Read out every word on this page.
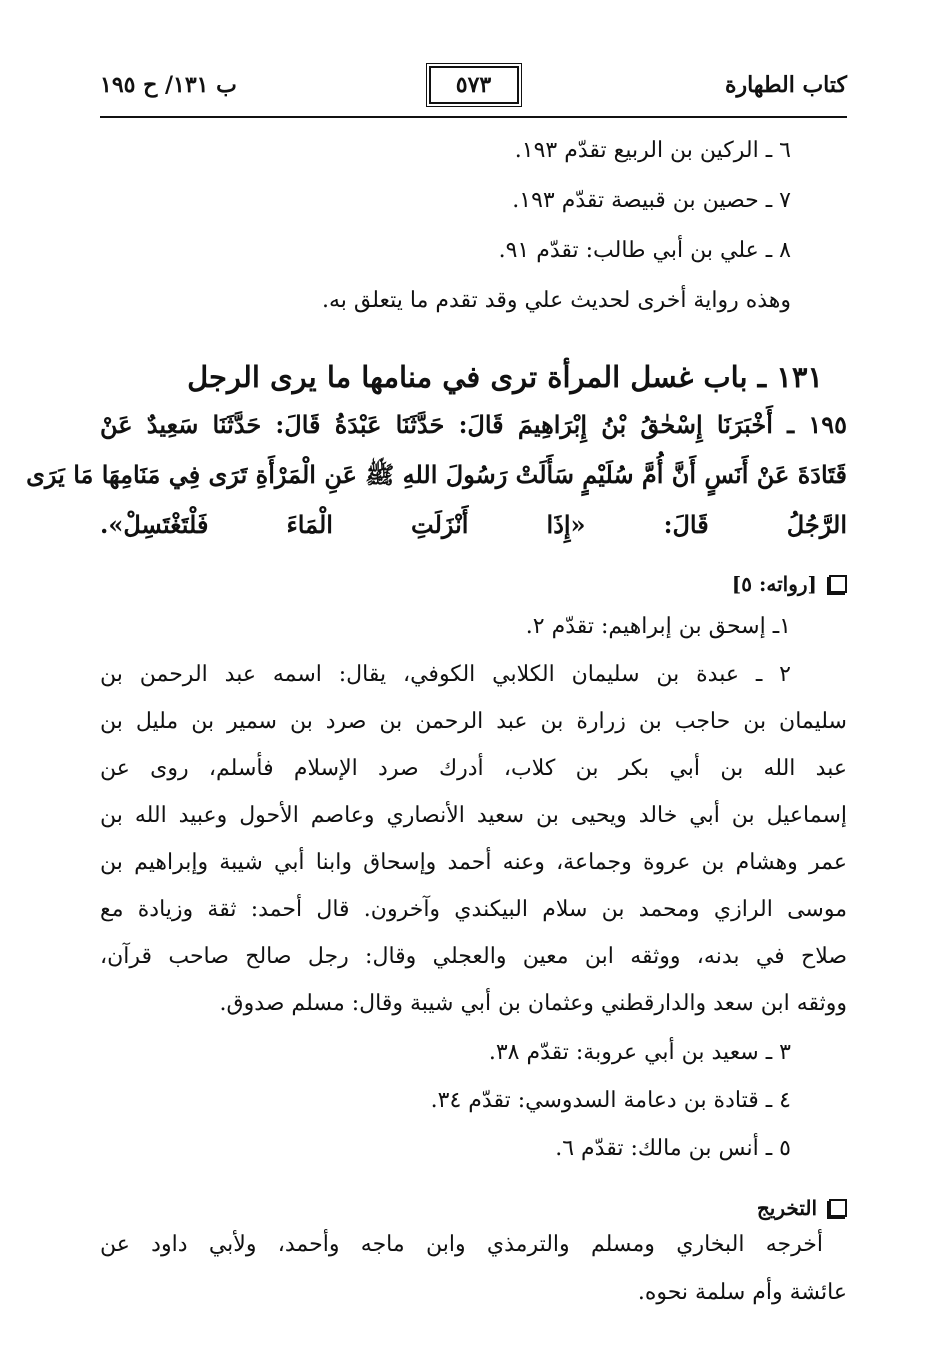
كتاب الطهارة
٥٧٣
ب ١٣١/ ح ١٩٥
٦ ـ الركين بن الربيع تقدّم ١٩٣.
٧ ـ حصين بن قبيصة تقدّم ١٩٣.
٨ ـ علي بن أبي طالب: تقدّم ٩١.
وهذه رواية أخرى لحديث علي وقد تقدم ما يتعلق به.
١٣١ ـ باب غسل المرأة ترى في منامها ما يرى الرجل
١٩٥ ـ أَخْبَرَنَا إِسْحٰقُ بْنُ إِبْرَاهِيمَ قَالَ: حَدَّثَنَا عَبْدَةُ قَالَ: حَدَّثَنَا سَعِيدٌ عَنْ
قَتَادَةَ عَنْ أَنَسٍ أَنَّ أُمَّ سُلَيْمٍ سَأَلَتْ رَسُولَ اللهِ ﷺ عَنِ الْمَرْأَةِ تَرَى فِي مَنَامِهَا مَا يَرَى
الرَّجُلُ قَالَ: «إِذَا أَنْزَلَتِ الْمَاءَ فَلْتَغْتَسِلْ».
[رواته: ٥]
١ـ إسحق بن إبراهيم: تقدّم ٢.
٢ ـ عبدة بن سليمان الكلابي الكوفي، يقال: اسمه عبد الرحمن بن
سليمان بن حاجب بن زرارة بن عبد الرحمن بن صرد بن سمير بن مليل بن
عبد الله بن أبي بكر بن كلاب، أدرك صرد الإسلام فأسلم، روى عن
إسماعيل بن أبي خالد ويحيى بن سعيد الأنصاري وعاصم الأحول وعبيد الله بن
عمر وهشام بن عروة وجماعة، وعنه أحمد وإسحاق وابنا أبي شيبة وإبراهيم بن
موسى الرازي ومحمد بن سلام البيكندي وآخرون. قال أحمد: ثقة وزيادة مع
صلاح في بدنه، ووثقه ابن معين والعجلي وقال: رجل صالح صاحب قرآن،
ووثقه ابن سعد والدارقطني وعثمان بن أبي شيبة وقال: مسلم صدوق.
٣ ـ سعيد بن أبي عروبة: تقدّم ٣٨.
٤ ـ قتادة بن دعامة السدوسي: تقدّم ٣٤.
٥ ـ أنس بن مالك: تقدّم ٦.
التخريج
أخرجه البخاري ومسلم والترمذي وابن ماجه وأحمد، ولأبي داود عن
عائشة وأم سلمة نحوه.
